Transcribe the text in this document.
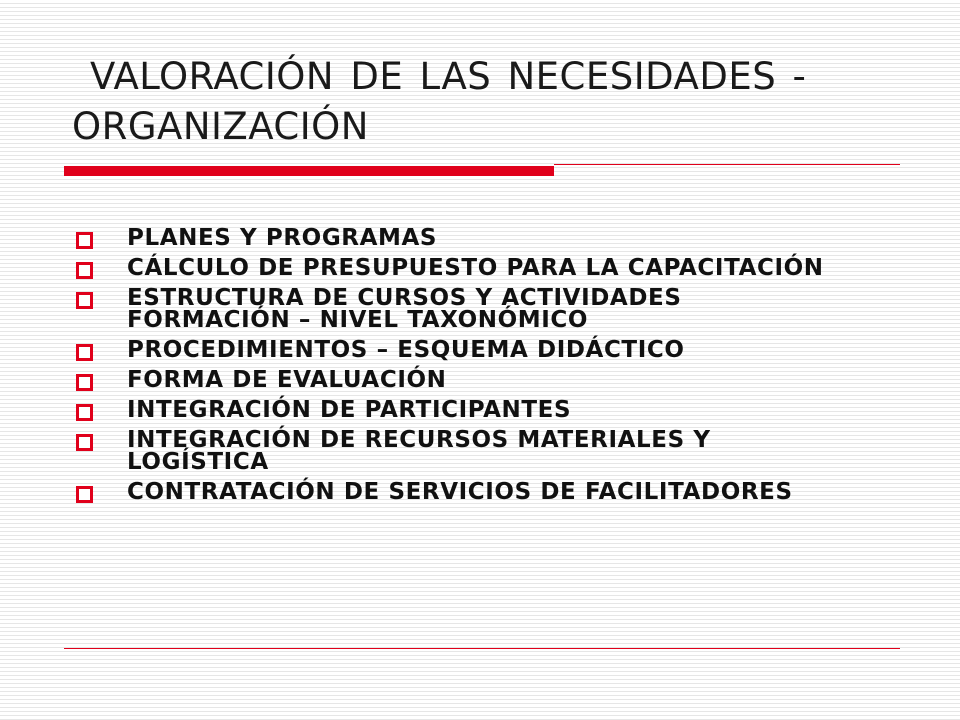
VALORACIÓN DE LAS NECESIDADES -
ORGANIZACIÓN
PLANES Y PROGRAMAS
CÁLCULO DE PRESUPUESTO PARA LA CAPACITACIÓN
ESTRUCTURA DE CURSOS Y ACTIVIDADES FORMACIÓN – NIVEL TAXONÓMICO
PROCEDIMIENTOS – ESQUEMA DIDÁCTICO
FORMA DE EVALUACIÓN
INTEGRACIÓN DE PARTICIPANTES
INTEGRACIÓN DE RECURSOS MATERIALES Y LOGÍSTICA
CONTRATACIÓN DE SERVICIOS DE FACILITADORES
